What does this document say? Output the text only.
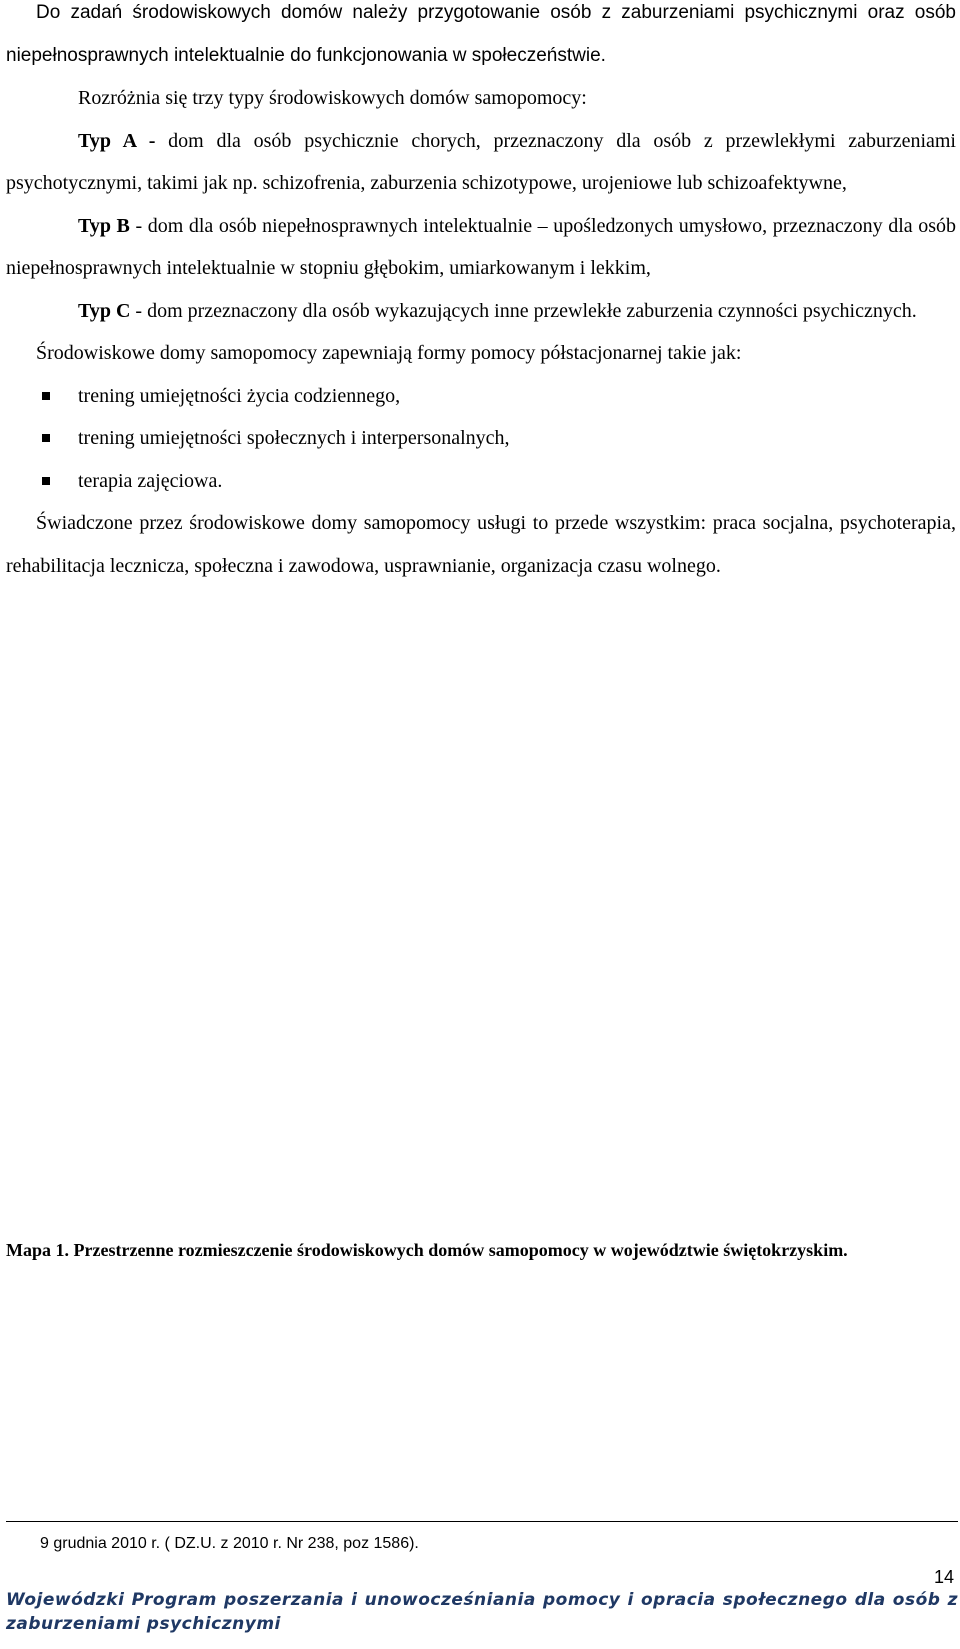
Do zadań środowiskowych domów należy przygotowanie osób z zaburzeniami psychicznymi oraz osób niepełnosprawnych intelektualnie do funkcjonowania w społeczeństwie.

Rozróżnia się trzy typy środowiskowych domów samopomocy:

Typ A - dom dla osób psychicznie chorych, przeznaczony dla osób z przewlekłymi zaburzeniami psychotycznymi, takimi jak np. schizofrenia, zaburzenia schizotypowe, urojeniowe lub schizoafektywne,

Typ B - dom dla osób niepełnosprawnych intelektualnie – upośledzonych umysłowo, przeznaczony dla osób niepełnosprawnych intelektualnie w stopniu głębokim, umiarkowanym i lekkim,

Typ C - dom przeznaczony dla osób wykazujących inne przewlekłe zaburzenia czynności psychicznych.

Środowiskowe domy samopomocy zapewniają formy pomocy półstacjonarnej takie jak:

trening umiejętności życia codziennego,
trening umiejętności społecznych i interpersonalnych,
terapia zajęciowa.

Świadczone przez środowiskowe domy samopomocy usługi to przede wszystkim: praca socjalna, psychoterapia, rehabilitacja lecznicza, społeczna i zawodowa, usprawnianie, organizacja czasu wolnego.

Mapa 1. Przestrzenne rozmieszczenie środowiskowych domów samopomocy w województwie świętokrzyskim.
9 grudnia 2010 r. ( DZ.U. z 2010 r. Nr 238, poz 1586).
14
Wojewódzki Program poszerzania i unowocześniania pomocy i opracia społecznego dla osób z zaburzeniami psychicznymi
